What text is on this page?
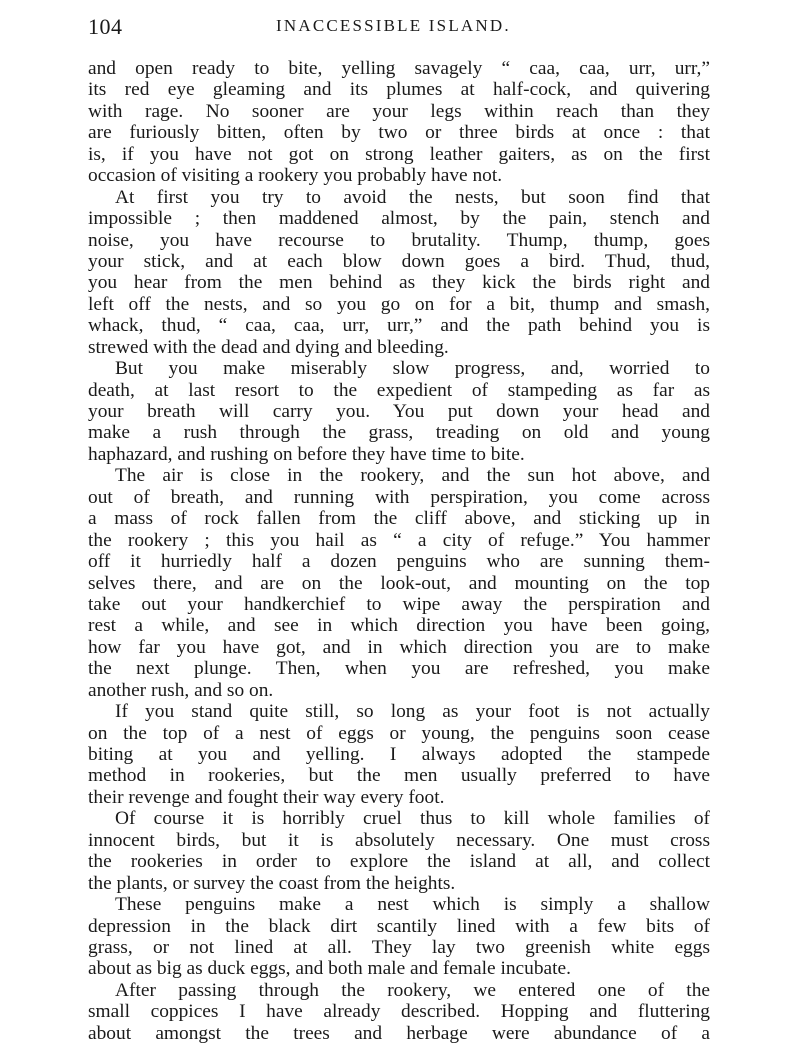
104	INACCESSIBLE ISLAND.
and open ready to bite, yelling savagely “ caa, caa, urr, urr,”
its red eye gleaming and its plumes at half-cock, and quivering
with rage. No sooner are your legs within reach than they
are furiously bitten, often by two or three birds at once : that
is, if you have not got on strong leather gaiters, as on the first
occasion of visiting a rookery you probably have not.
At first you try to avoid the nests, but soon find that
impossible ; then maddened almost, by the pain, stench and
noise, you have recourse to brutality. Thump, thump, goes
your stick, and at each blow down goes a bird. Thud, thud,
you hear from the men behind as they kick the birds right and
left off the nests, and so you go on for a bit, thump and smash,
whack, thud, “ caa, caa, urr, urr,” and the path behind you is
strewed with the dead and dying and bleeding.
But you make miserably slow progress, and, worried to
death, at last resort to the expedient of stampeding as far as
your breath will carry you. You put down your head and
make a rush through the grass, treading on old and young
haphazard, and rushing on before they have time to bite.
The air is close in the rookery, and the sun hot above, and
out of breath, and running with perspiration, you come across
a mass of rock fallen from the cliff above, and sticking up in
the rookery ; this you hail as “ a city of refuge.” You hammer
off it hurriedly half a dozen penguins who are sunning them-
selves there, and are on the look-out, and mounting on the top
take out your handkerchief to wipe away the perspiration and
rest a while, and see in which direction you have been going,
how far you have got, and in which direction you are to make
the next plunge. Then, when you are refreshed, you make
another rush, and so on.
If you stand quite still, so long as your foot is not actually
on the top of a nest of eggs or young, the penguins soon cease
biting at you and yelling. I always adopted the stampede
method in rookeries, but the men usually preferred to have
their revenge and fought their way every foot.
Of course it is horribly cruel thus to kill whole families of
innocent birds, but it is absolutely necessary. One must cross
the rookeries in order to explore the island at all, and collect
the plants, or survey the coast from the heights.
These penguins make a nest which is simply a shallow
depression in the black dirt scantily lined with a few bits of
grass, or not lined at all. They lay two greenish white eggs
about as big as duck eggs, and both male and female incubate.
After passing through the rookery, we entered one of the
small coppices I have already described. Hopping and fluttering
about amongst the trees and herbage were abundance of a
